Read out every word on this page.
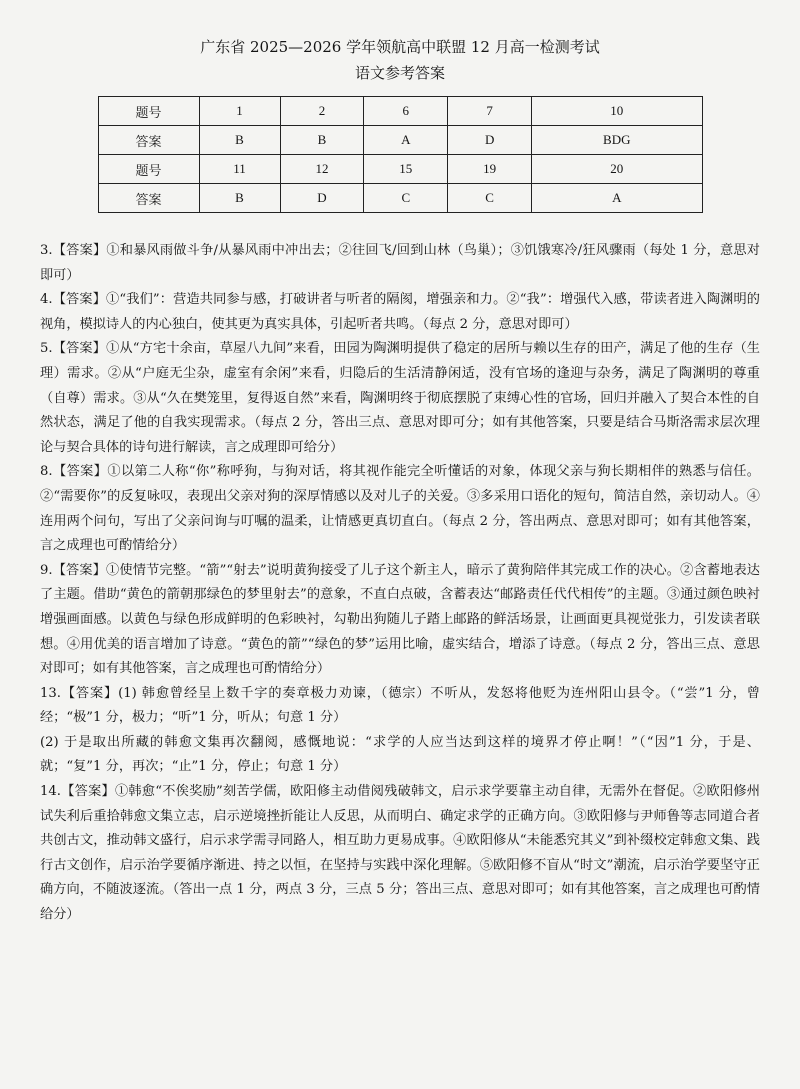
广东省 2025—2026 学年领航高中联盟 12 月高一检测考试
语文参考答案
题号	1	2	6	7	10
答案	B	B	A	D	BDG
题号	11	12	15	19	20
答案	B	D	C	C	A

3.【答案】①和暴风雨做斗争/从暴风雨中冲出去；②往回飞/回到山林（鸟巢）；③饥饿寒冷/狂风骤雨（每处 1 分，意思对即可）

4.【答案】①“我们”：营造共同参与感，打破讲者与听者的隔阂，增强亲和力。②“我”：增强代入感，带读者进入陶渊明的视角，模拟诗人的内心独白，使其更为真实具体，引起听者共鸣。（每点 2 分，意思对即可）

5.【答案】①从“方宅十余亩，草屋八九间”来看，田园为陶渊明提供了稳定的居所与赖以生存的田产，满足了他的生存（生理）需求。②从“户庭无尘杂，虚室有余闲”来看，归隐后的生活清静闲适，没有官场的逢迎与杂务，满足了陶渊明的尊重（自尊）需求。③从“久在樊笼里，复得返自然”来看，陶渊明终于彻底摆脱了束缚心性的官场，回归并融入了契合本性的自然状态，满足了他的自我实现需求。（每点 2 分，答出三点、意思对即可分；如有其他答案，只要是结合马斯洛需求层次理论与契合具体的诗句进行解读，言之成理即可给分）

8.【答案】①以第二人称“你”称呼狗，与狗对话，将其视作能完全听懂话的对象，体现父亲与狗长期相伴的熟悉与信任。②“需要你”的反复咏叹，表现出父亲对狗的深厚情感以及对儿子的关爱。③多采用口语化的短句，简洁自然，亲切动人。④连用两个问句，写出了父亲问询与叮嘱的温柔，让情感更真切直白。（每点 2 分，答出两点、意思对即可；如有其他答案，言之成理也可酌情给分）

9.【答案】①使情节完整。“箭”“射去”说明黄狗接受了儿子这个新主人，暗示了黄狗陪伴其完成工作的决心。②含蓄地表达了主题。借助“黄色的箭朝那绿色的梦里射去”的意象，不直白点破，含蓄表达“邮路责任代代相传”的主题。③通过颜色映衬增强画面感。以黄色与绿色形成鲜明的色彩映衬，勾勒出狗随儿子踏上邮路的鲜活场景，让画面更具视觉张力，引发读者联想。④用优美的语言增加了诗意。“黄色的箭”“绿色的梦”运用比喻，虚实结合，增添了诗意。（每点 2 分，答出三点、意思对即可；如有其他答案，言之成理也可酌情给分）

13.【答案】(1) 韩愈曾经呈上数千字的奏章极力劝谏，（德宗）不听从，发怒将他贬为连州阳山县令。（“尝”1 分，曾经；“极”1 分，极力；“听”1 分，听从；句意 1 分）

(2) 于是取出所藏的韩愈文集再次翻阅，感慨地说：“求学的人应当达到这样的境界才停止啊！”（“因”1 分，于是、就；“复”1 分，再次；“止”1 分，停止；句意 1 分）

14.【答案】①韩愈“不俟奖励”刻苦学儒，欧阳修主动借阅残破韩文，启示求学要靠主动自律，无需外在督促。②欧阳修州试失利后重拾韩愈文集立志，启示逆境挫折能让人反思，从而明白、确定求学的正确方向。③欧阳修与尹师鲁等志同道合者共创古文，推动韩文盛行，启示求学需寻同路人，相互助力更易成事。④欧阳修从“未能悉究其义”到补缀校定韩愈文集、践行古文创作，启示治学要循序渐进、持之以恒，在坚持与实践中深化理解。⑤欧阳修不盲从“时文”潮流，启示治学要坚守正确方向，不随波逐流。（答出一点 1 分，两点 3 分，三点 5 分；答出三点、意思对即可；如有其他答案，言之成理也可酌情给分）
